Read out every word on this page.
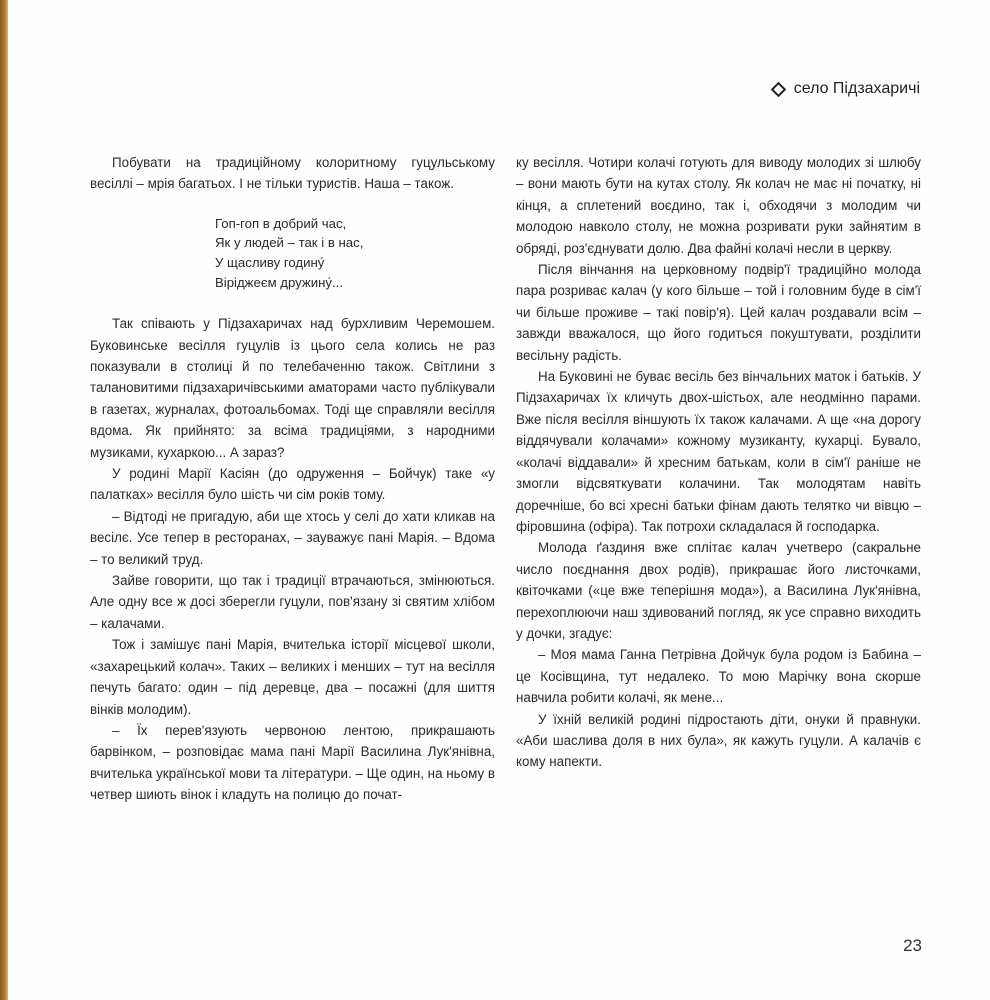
село Підзахаричі

Побувати на традиційному колоритному гуцульському весіллі – мрія багатьох. І не тільки туристів. Наша – також.

Гоп-гоп в добрий час,
Як у людей – так і в нас,
У щасливу годину́
Віріджеєм дружину́...

Так співають у Підзахаричах над бурхливим Черемошем. Буковинське весілля гуцулів із цього села колись не раз показували в столиці й по телебаченню також. Світлини з талановитими підзахаричівськими аматорами часто публікували в газетах, журналах, фотоальбомах. Тоді ще справляли весілля вдома. Як прийнято: за всіма традиціями, з народними музиками, кухаркою... А зараз?

У родині Марії Касіян (до одруження – Бойчук) таке «у палатках» весілля було шість чи сім років тому.

– Відтоді не пригадую, аби ще хтось у селі до хати кликав на весілє. Усе тепер в ресторанах, – зауважує пані Марія. – Вдома – то великий труд.

Зайве говорити, що так і традиції втрачаються, змінюються. Але одну все ж досі зберегли гуцули, пов'язану зі святим хлібом – калачами.

Тож і замішує пані Марія, вчителька історії місцевої школи, «захарецький колач». Таких – великих і менших – тут на весілля печуть багато: один – під деревце, два – посажні (для шиття вінків молодим).

– Їх перев'язують червоною лентою, прикрашають барвінком, – розповідає мама пані Марії Василина Лук'янівна, вчителька української мови та літератури. – Ще один, на ньому в четвер шиють вінок і кладуть на полицю до почат-

ку весілля. Чотири колачі готують для виводу молодих зі шлюбу – вони мають бути на кутах столу. Як колач не має ні початку, ні кінця, а сплетений воєдино, так і, обходячи з молодим чи молодою навколо столу, не можна розривати руки зайнятим в обряді, роз'єднувати долю. Два файні колачі несли в церкву.

Після вінчання на церковному подвір'ї традиційно молода пара розриває калач (у кого більше – той і головним буде в сім'ї чи більше проживе – такі повір'я). Цей калач роздавали всім – завжди вважалося, що його годиться покуштувати, розділити весільну радість.

На Буковині не буває весіль без вінчальних маток і батьків. У Підзахаричах їх кличуть двох-шістьох, але неодмінно парами. Вже після весілля віншують їх також калачами. А ще «на дорогу віддячували колачами» кожному музиканту, кухарці. Бувало, «колачі віддавали» й хресним батькам, коли в сім'ї раніше не змогли відсвяткувати колачини. Так молодятам навіть доречніше, бо всі хресні батьки фінам дають телятко чи вівцю – фіровшина (офіра). Так потрохи складалася й господарка.

Молода ґаздиня вже сплітає калач учетверо (сакральне число поєднання двох родів), прикрашає його листочками, квіточками («це вже теперішня мода»), а Василина Лук'янівна, перехоплюючи наш здивований погляд, як усе справно виходить у дочки, згадує:

– Моя мама Ганна Петрівна Дойчук була родом із Бабина – це Косівщина, тут недалеко. То мою Марічку вона скорше навчила робити колачі, як мене...

У їхній великій родині підростають діти, онуки й правнуки. «Аби шаслива доля в них була», як кажуть гуцули. А калачів є кому напекти.

23
